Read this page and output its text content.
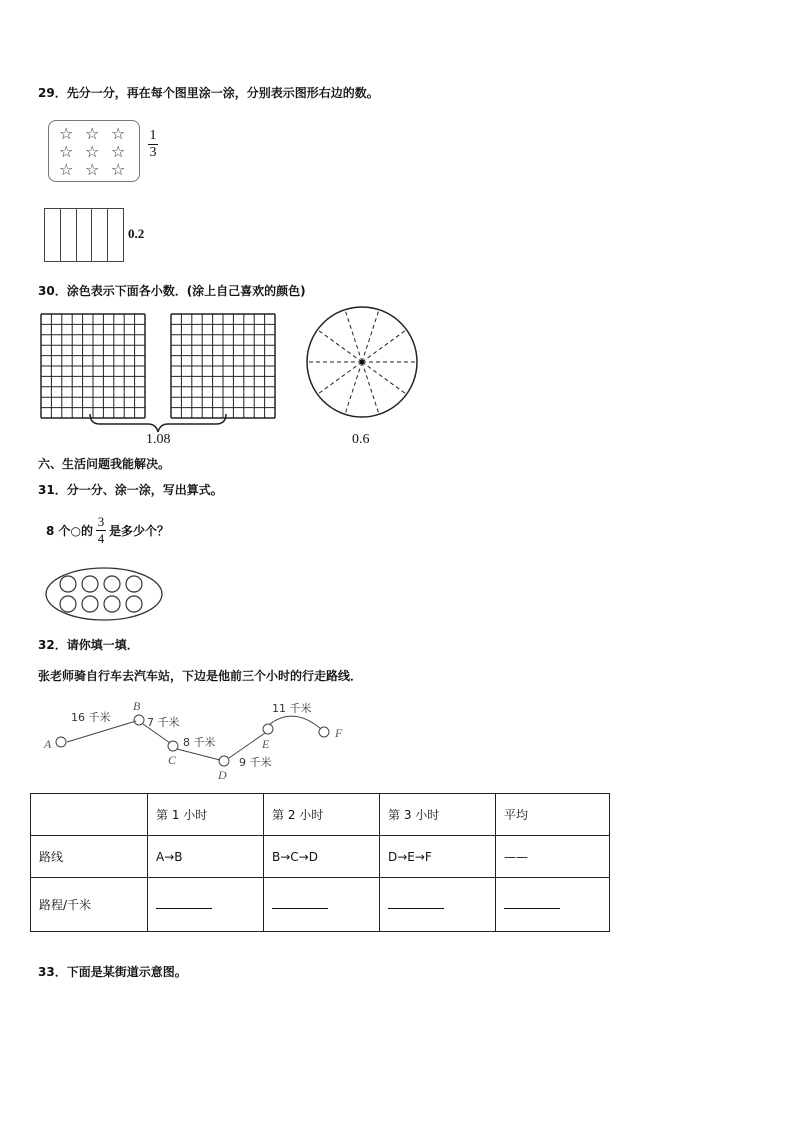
29．先分一分，再在每个图里涂一涂，分别表示图形右边的数。
☆ ☆ ☆
☆ ☆ ☆
☆ ☆ ☆
$\frac{1}{3}$
0.2
30．涂色表示下面各小数．(涂上自己喜欢的颜色)
1.08	0.6
六、生活问题我能解决。
31．分一分、涂一涂，写出算式。
8 个○的 $\frac{3}{4}$ 是多少个？
32．请你填一填．
张老师骑自行车去汽车站，下边是他前三个小时的行走路线．
16 千米	7 千米
8 千米
9 千米
11 千米
A
B
C
D
E
F
	第 1 小时	第 2 小时	第 3 小时	平均
路线	A→B	B→C→D	D→E→F	——
路程/千米				
33．下面是某街道示意图。
